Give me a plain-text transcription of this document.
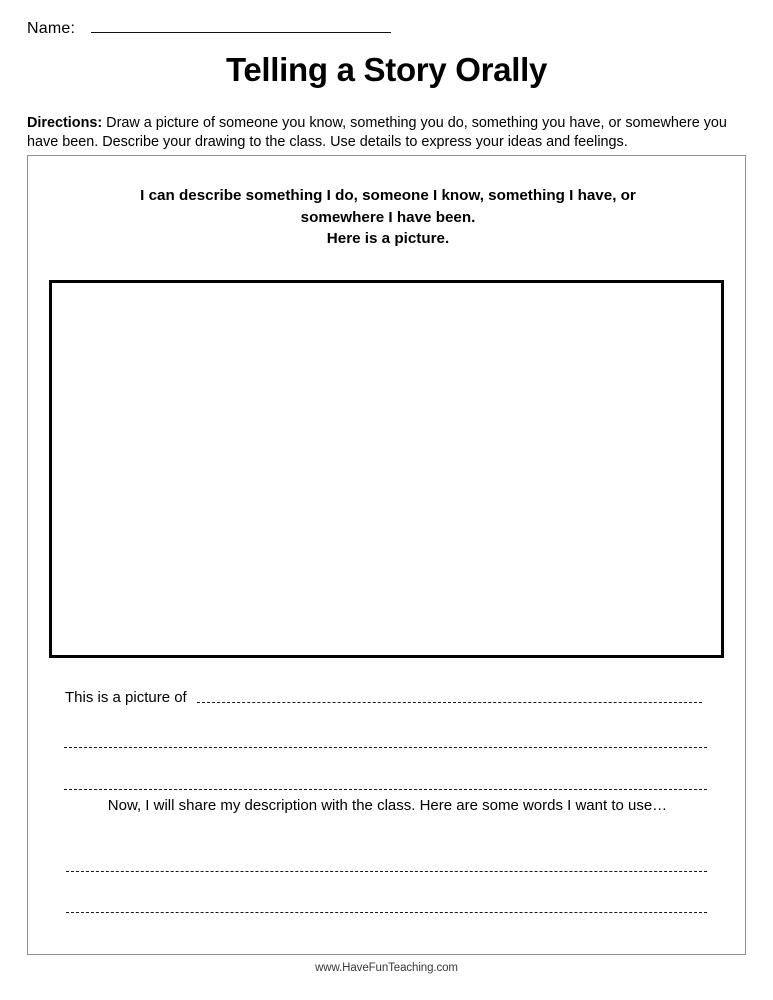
Name:
Telling a Story Orally
Directions: Draw a picture of someone you know, something you do, something you have, or somewhere you have been. Describe your drawing to the class. Use details to express your ideas and feelings.
I can describe something I do, someone I know, something I have, or
somewhere I have been.
Here is a picture.
This is a picture of
Now, I will share my description with the class. Here are some words I want to use…
www.HaveFunTeaching.com
